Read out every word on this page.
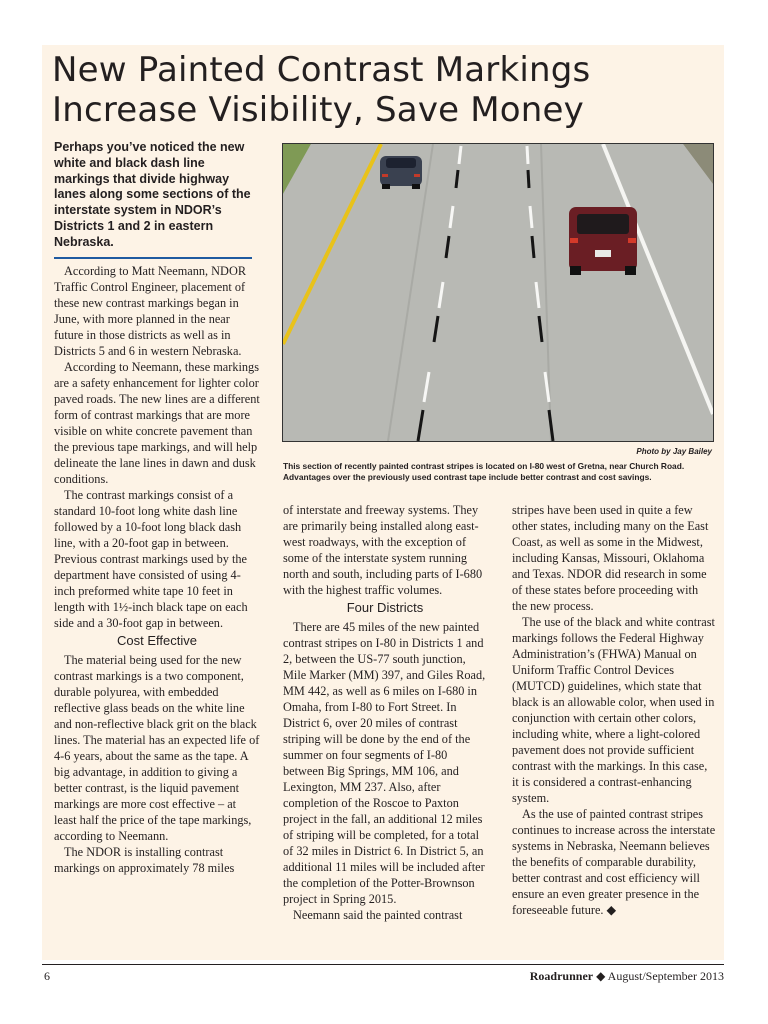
New Painted Contrast Markings
Increase Visibility, Save Money

Perhaps you’ve noticed the new white and black dash line markings that divide highway lanes along some sections of the interstate system in NDOR’s Districts 1 and 2 in eastern Nebraska.

According to Matt Neemann, NDOR Traffic Control Engineer, placement of these new contrast markings began in June, with more planned in the near future in those districts as well as in Districts 5 and 6 in western Nebraska.

According to Neemann, these markings are a safety enhancement for lighter color paved roads. The new lines are a different form of contrast markings that are more visible on white concrete pavement than the previous tape markings, and will help delineate the lane lines in dawn and dusk conditions.

The contrast markings consist of a standard 10-foot long white dash line followed by a 10-foot long black dash line, with a 20-foot gap in between. Previous contrast markings used by the department have consisted of using 4-inch preformed white tape 10 feet in length with 1½-inch black tape on each side and a 30-foot gap in between.

Cost Effective

The material being used for the new contrast markings is a two component, durable polyurea, with embedded reflective glass beads on the white line and non-reflective black grit on the black lines. The material has an expected life of 4-6 years, about the same as the tape. A big advantage, in addition to giving a better contrast, is the liquid pavement markings are more cost effective – at least half the price of the tape markings, according to Neemann.

The NDOR is installing contrast markings on approximately 78 miles

Photo by Jay Bailey

This section of recently painted contrast stripes is located on I-80 west of Gretna, near Church Road. Advantages over the previously used contrast tape include better contrast and cost savings.

of interstate and freeway systems. They are primarily being installed along east-west roadways, with the exception of some of the interstate system running north and south, including parts of I-680 with the highest traffic volumes.

Four Districts

There are 45 miles of the new painted contrast stripes on I-80 in Districts 1 and 2, between the US-77 south junction, Mile Marker (MM) 397, and Giles Road, MM 442, as well as 6 miles on I-680 in Omaha, from I-80 to Fort Street. In District 6, over 20 miles of contrast striping will be done by the end of the summer on four segments of I-80 between Big Springs, MM 106, and Lexington, MM 237. Also, after completion of the Roscoe to Paxton project in the fall, an additional 12 miles of striping will be completed, for a total of 32 miles in District 6. In District 5, an additional 11 miles will be included after the completion of the Potter-Brownson project in Spring 2015.

Neemann said the painted contrast

stripes have been used in quite a few other states, including many on the East Coast, as well as some in the Midwest, including Kansas, Missouri, Oklahoma and Texas. NDOR did research in some of these states before proceeding with the new process.

The use of the black and white contrast markings follows the Federal Highway Administration’s (FHWA) Manual on Uniform Traffic Control Devices (MUTCD) guidelines, which state that black is an allowable color, when used in conjunction with certain other colors, including white, where a light-colored pavement does not provide sufficient contrast with the markings. In this case, it is considered a contrast-enhancing system.

As the use of painted contrast stripes continues to increase across the interstate systems in Nebraska, Neemann believes the benefits of comparable durability, better contrast and cost efficiency will ensure an even greater presence in the foreseeable future. ◆

6	Roadrunner ◆ August/September 2013
